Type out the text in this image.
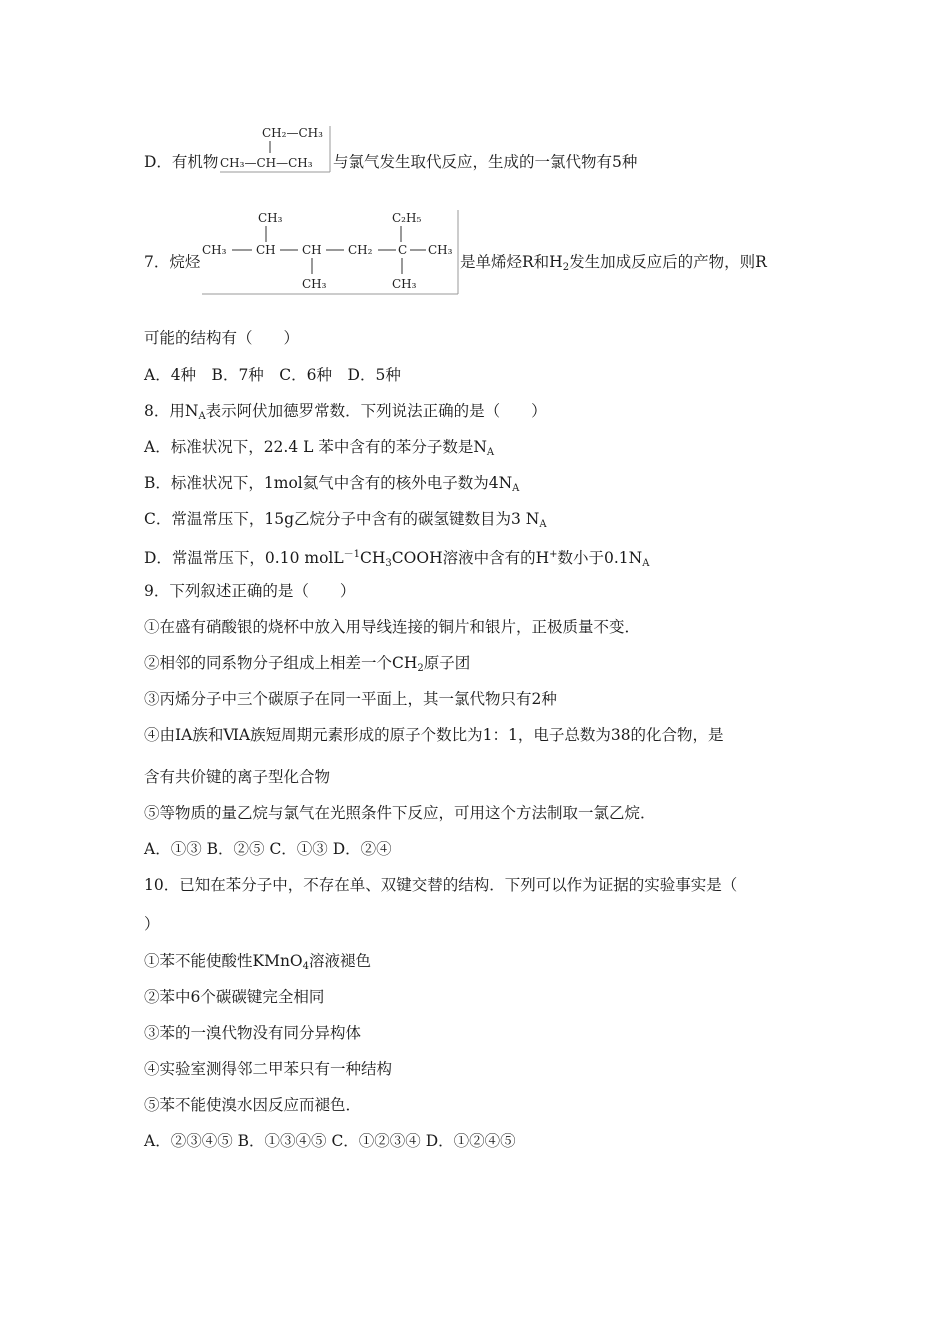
D．有机物
CH₂—CH₃
CH₃—CH—CH₃ 与氯气发生取代反应，生成的一氯代物有5种
7．烷烃
CH₃	C₂H₅
CH₃ CH CH CH₂ C CH₃
CH₃	CH₃
是单烯烃R和$H_2$发生加成反应后的产物，则R
可能的结构有（　　）
A．4种　B．7种　C．6种　D．5种
8．用$N_A$表示阿伏加德罗常数．下列说法正确的是（　　）
A．标准状况下，22.4 L 苯中含有的苯分子数是$N_A$
B．标准状况下，1mol氦气中含有的核外电子数为$4N_A$
C．常温常压下，15g乙烷分子中含有的碳氢键数目为3 $N_A$
D．常温常压下，0.10 $molL^{-1}CH_3COOH$溶液中含有的H+数小于$0.1N_A$
9．下列叙述正确的是（　　）
①在盛有硝酸银的烧杯中放入用导线连接的铜片和银片，正极质量不变．
②相邻的同系物分子组成上相差一个$CH_2$原子团
③丙烯分子中三个碳原子在同一平面上，其一氯代物只有2种
④由ⅠA族和ⅥA族短周期元素形成的原子个数比为1：1，电子总数为38的化合物，是
含有共价键的离子型化合物
⑤等物质的量乙烷与氯气在光照条件下反应，可用这个方法制取一氯乙烷．
A．①③ B．②⑤ C．①③ D．②④
10．已知在苯分子中，不存在单、双键交替的结构．下列可以作为证据的实验事实是（
）
①苯不能使酸性KMnO$_4$溶液褪色
②苯中6个碳碳键完全相同
③苯的一溴代物没有同分异构体
④实验室测得邻二甲苯只有一种结构
⑤苯不能使溴水因反应而褪色．
A．②③④⑤ B．①③④⑤ C．①②③④ D．①②④⑤
